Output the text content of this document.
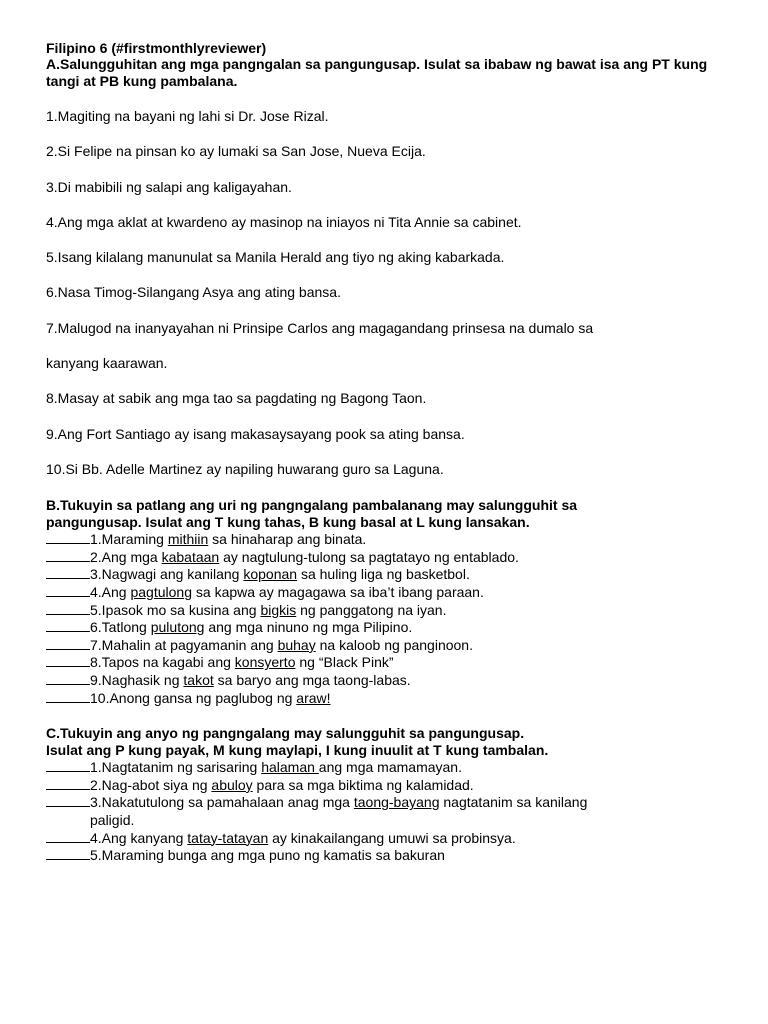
Filipino 6 (#firstmonthlyreviewer)
A.Salungguhitan ang mga pangngalan sa pangungusap. Isulat sa ibabaw ng bawat isa ang PT kung tangi at PB kung pambalana.
1.Magiting na bayani ng lahi si Dr. Jose Rizal.
2.Si Felipe na pinsan ko ay lumaki sa San Jose, Nueva Ecija.
3.Di mabibili ng salapi ang kaligayahan.
4.Ang mga aklat at kwardeno ay masinop na iniayos ni Tita Annie sa cabinet.
5.Isang kilalang manunulat sa Manila Herald ang tiyo ng aking kabarkada.
6.Nasa Timog-Silangang Asya ang ating bansa.
7.Malugod na inanyayahan ni Prinsipe Carlos ang magagandang prinsesa na dumalo sa
kanyang kaarawan.
8.Masay at sabik ang mga tao sa pagdating ng Bagong Taon.
9.Ang Fort Santiago ay isang makasaysayang pook sa ating bansa.
10.Si Bb. Adelle Martinez ay napiling huwarang guro sa Laguna.
B.Tukuyin sa patlang ang uri ng pangngalang pambalanang may salungguhit sa
pangungusap. Isulat ang T kung tahas, B kung basal at L kung lansakan.
1.Maraming mithiin sa hinaharap ang binata.
2.Ang mga kabataan ay nagtulung-tulong sa pagtatayo ng entablado.
3.Nagwagi ang kanilang koponan sa huling liga ng basketbol.
4.Ang pagtulong sa kapwa ay magagawa sa iba’t ibang paraan.
5.Ipasok mo sa kusina ang bigkis ng panggatong na iyan.
6.Tatlong pulutong ang mga ninuno ng mga Pilipino.
7.Mahalin at pagyamanin ang buhay na kaloob ng panginoon.
8.Tapos na kagabi ang konsyerto ng “Black Pink”
9.Naghasik ng takot sa baryo ang mga taong-labas.
10.Anong gansa ng paglubog ng araw!
C.Tukuyin ang anyo ng pangngalang may salungguhit sa pangungusap.
Isulat ang P kung payak, M kung maylapi, I kung inuulit at T kung tambalan.
1.Nagtatanim ng sarisaring halaman ang mga mamamayan.
2.Nag-abot siya ng abuloy para sa mga biktima ng kalamidad.
3.Nakatutulong sa pamahalaan anag mga taong-bayang nagtatanim sa kanilang
paligid.
4.Ang kanyang tatay-tatayan ay kinakailangang umuwi sa probinsya.
5.Maraming bunga ang mga puno ng kamatis sa bakuran
